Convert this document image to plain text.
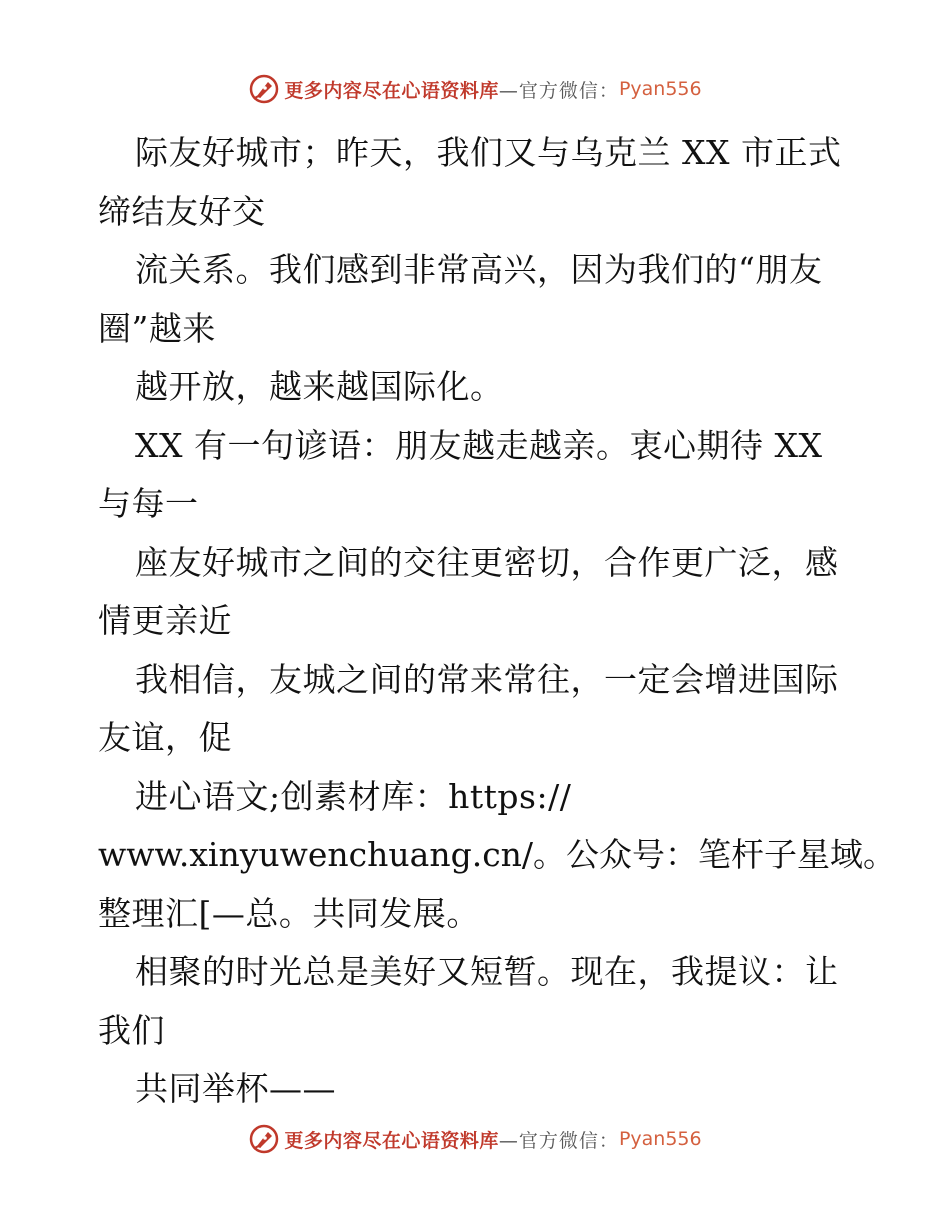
更多内容尽在心语资料库 —官方微信： Pyan556
际友好城市；昨天，我们又与乌克兰 XX 市正式
缔结友好交
流关系。我们感到非常高兴，因为我们的“朋友
圈”越来
越开放，越来越国际化。
XX 有一句谚语：朋友越走越亲。衷心期待 XX
与每一
座友好城市之间的交往更密切，合作更广泛，感
情更亲近
我相信，友城之间的常来常往，一定会增进国际
友谊，促
进心语文;创素材库：https://
www.xinyuwenchuang.cn/。公众号：笔杆子星域。
整理汇[—总。共同发展。
相聚的时光总是美好又短暂。现在，我提议：让
我们
共同举杯——
更多内容尽在心语资料库 —官方微信： Pyan556
